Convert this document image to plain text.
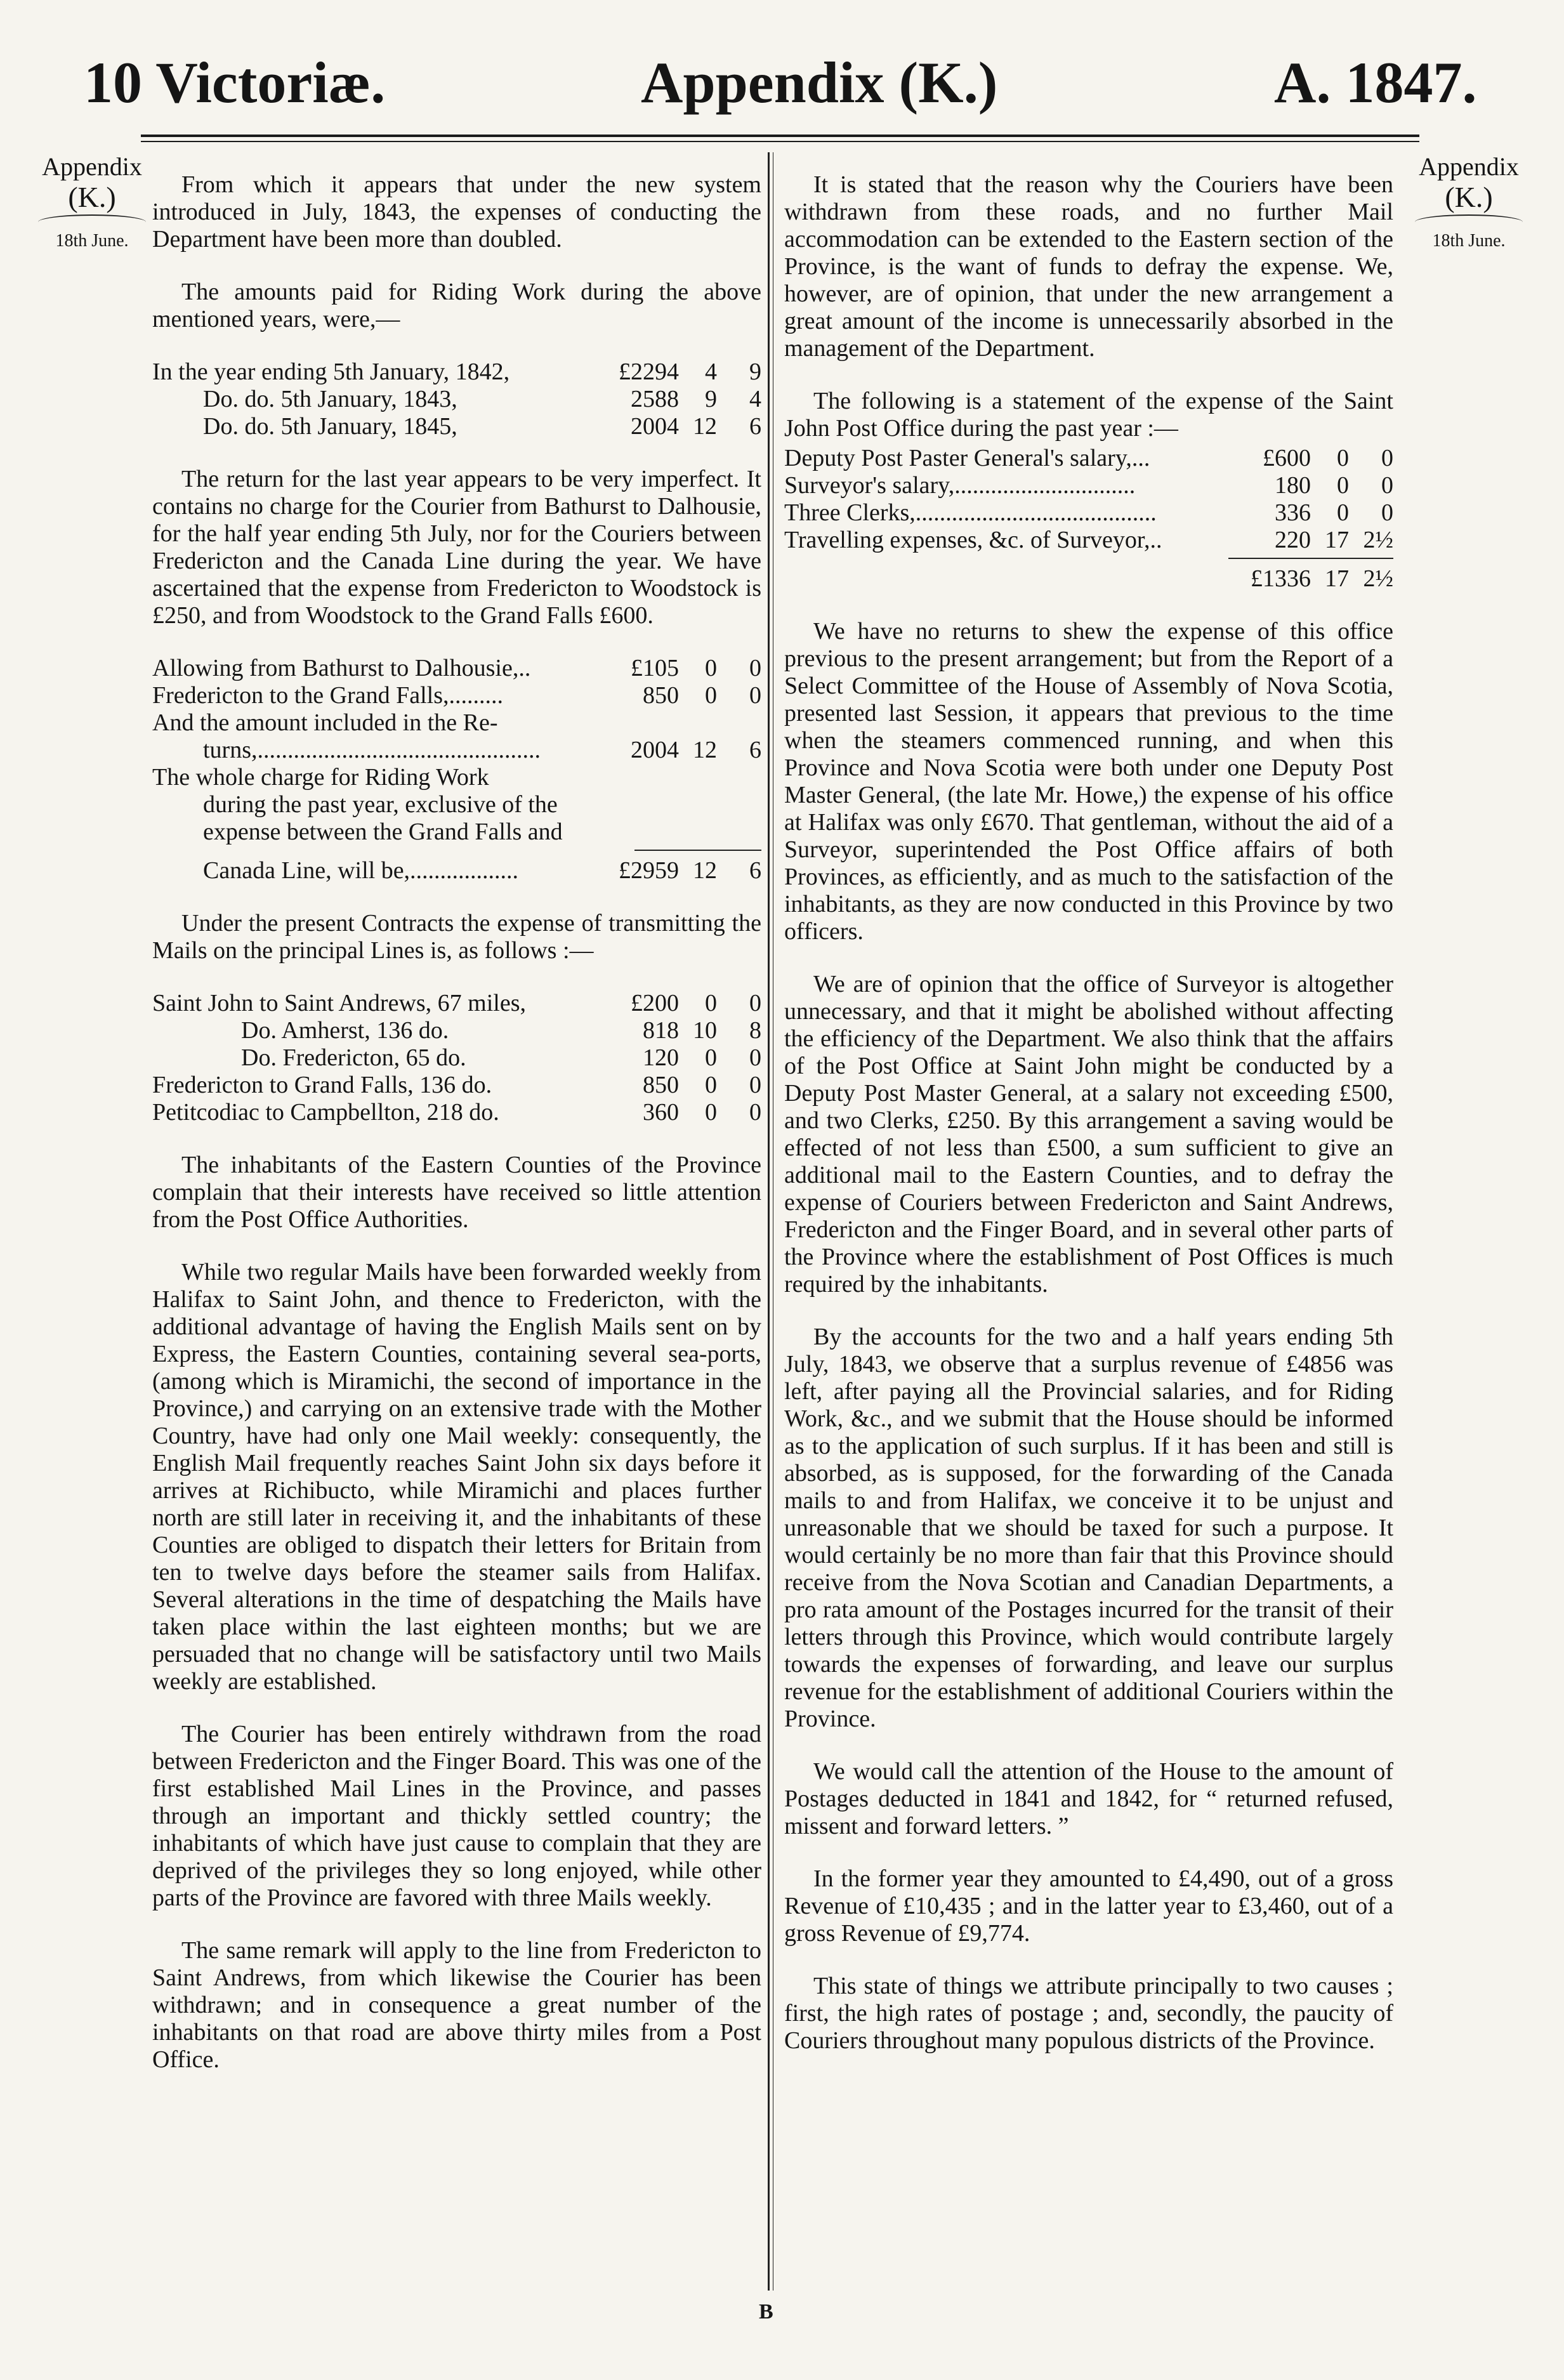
10 Victoriæ.	Appendix (K.)	A. 1847.
Appendix
(K.)
18th June.
Appendix
(K.)
18th June.

From which it appears that under the new system introduced in July, 1843, the expenses of conducting the Department have been more than doubled.

The amounts paid for Riding Work during the above mentioned years, were,—

In the year ending 5th January, 1842,	£2294	4	9
Do. do. 5th January, 1843,	2588	9	4
Do. do. 5th January, 1845,	2004 12	6

The return for the last year appears to be very imperfect. It contains no charge for the Courier from Bathurst to Dalhousie, for the half year ending 5th July, nor for the Couriers between Fredericton and the Canada Line during the year. We have ascertained that the expense from Fredericton to Woodstock is £250, and from Woodstock to the Grand Falls £600.

Allowing from Bathurst to Dalhousie,..	£105	0	0
Fredericton to the Grand Falls,.........	850	0	0
And the amount included in the Re-
turns,...............................................	2004 12	6
The whole charge for Riding Work
during the past year, exclusive of the
expense between the Grand Falls and
Canada Line, will be,..................	£2959 12	6

Under the present Contracts the expense of transmitting the Mails on the principal Lines is, as follows :—

Saint John to Saint Andrews, 67 miles,	£200	0	0
Do. Amherst, 136 do.	818 10	8
Do. Fredericton, 65 do.	120	0	0
Fredericton to Grand Falls, 136 do.	850	0	0
Petitcodiac to Campbellton, 218 do.	360	0	0

The inhabitants of the Eastern Counties of the Province complain that their interests have received so little attention from the Post Office Authorities.

While two regular Mails have been forwarded weekly from Halifax to Saint John, and thence to Fredericton, with the additional advantage of having the English Mails sent on by Express, the Eastern Counties, containing several sea-ports, (among which is Miramichi, the second of importance in the Province,) and carrying on an extensive trade with the Mother Country, have had only one Mail weekly: consequently, the English Mail frequently reaches Saint John six days before it arrives at Richibucto, while Miramichi and places further north are still later in receiving it, and the inhabitants of these Counties are obliged to dispatch their letters for Britain from ten to twelve days before the steamer sails from Halifax. Several alterations in the time of despatching the Mails have taken place within the last eighteen months; but we are persuaded that no change will be satisfactory until two Mails weekly are established.

The Courier has been entirely withdrawn from the road between Fredericton and the Finger Board. This was one of the first established Mail Lines in the Province, and passes through an important and thickly settled country; the inhabitants of which have just cause to complain that they are deprived of the privileges they so long enjoyed, while other parts of the Province are favored with three Mails weekly.

The same remark will apply to the line from Fredericton to Saint Andrews, from which likewise the Courier has been withdrawn; and in consequence a great number of the inhabitants on that road are above thirty miles from a Post Office.

It is stated that the reason why the Couriers have been withdrawn from these roads, and no further Mail accommodation can be extended to the Eastern section of the Province, is the want of funds to defray the expense. We, however, are of opinion, that under the new arrangement a great amount of the income is unnecessarily absorbed in the management of the Department.

The following is a statement of the expense of the Saint John Post Office during the past year :—

Deputy Post Paster General's salary,...	£600	0	0
Surveyor's salary,..............................	180	0	0
Three Clerks,........................................	336	0	0
Travelling expenses, &c. of Surveyor,..	220 17 2½
£1336 17 2½

We have no returns to shew the expense of this office previous to the present arrangement; but from the Report of a Select Committee of the House of Assembly of Nova Scotia, presented last Session, it appears that previous to the time when the steamers commenced running, and when this Province and Nova Scotia were both under one Deputy Post Master General, (the late Mr. Howe,) the expense of his office at Halifax was only £670. That gentleman, without the aid of a Surveyor, superintended the Post Office affairs of both Provinces, as efficiently, and as much to the satisfaction of the inhabitants, as they are now conducted in this Province by two officers.

We are of opinion that the office of Surveyor is altogether unnecessary, and that it might be abolished without affecting the efficiency of the Department. We also think that the affairs of the Post Office at Saint John might be conducted by a Deputy Post Master General, at a salary not exceeding £500, and two Clerks, £250. By this arrangement a saving would be effected of not less than £500, a sum sufficient to give an additional mail to the Eastern Counties, and to defray the expense of Couriers between Fredericton and Saint Andrews, Fredericton and the Finger Board, and in several other parts of the Province where the establishment of Post Offices is much required by the inhabitants.

By the accounts for the two and a half years ending 5th July, 1843, we observe that a surplus revenue of £4856 was left, after paying all the Provincial salaries, and for Riding Work, &c., and we submit that the House should be informed as to the application of such surplus. If it has been and still is absorbed, as is supposed, for the forwarding of the Canada mails to and from Halifax, we conceive it to be unjust and unreasonable that we should be taxed for such a purpose. It would certainly be no more than fair that this Province should receive from the Nova Scotian and Canadian Departments, a pro rata amount of the Postages incurred for the transit of their letters through this Province, which would contribute largely towards the expenses of forwarding, and leave our surplus revenue for the establishment of additional Couriers within the Province.

We would call the attention of the House to the amount of Postages deducted in 1841 and 1842, for “ returned refused, missent and forward letters. ”

In the former year they amounted to £4,490, out of a gross Revenue of £10,435 ; and in the latter year to £3,460, out of a gross Revenue of £9,774.

This state of things we attribute principally to two causes ; first, the high rates of postage ; and, secondly, the paucity of Couriers throughout many populous districts of the Province.

B
